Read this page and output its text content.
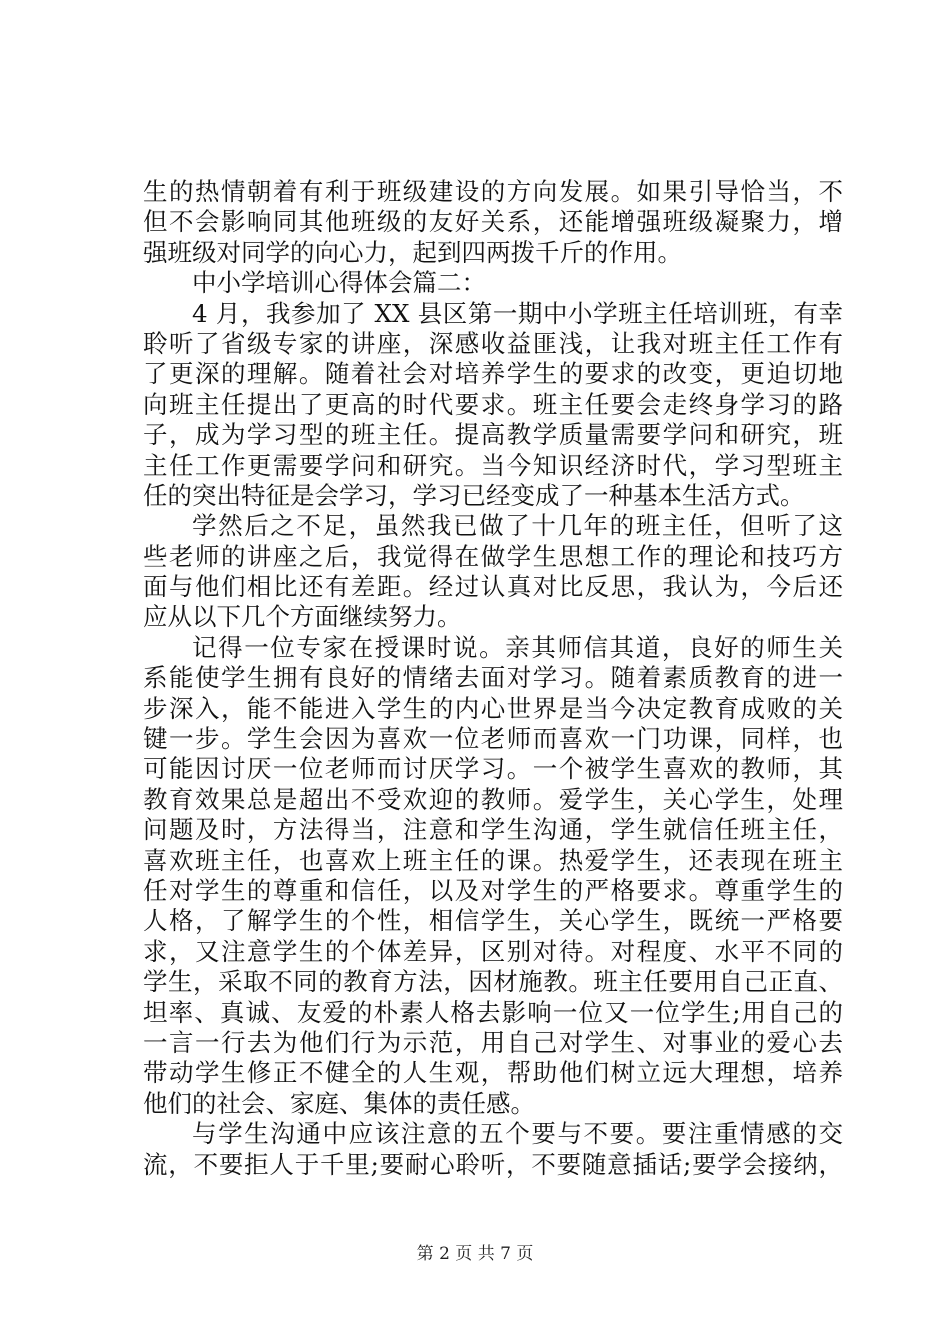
生的热情朝着有利于班级建设的方向发展。如果引导恰当，不
但不会影响同其他班级的友好关系，还能增强班级凝聚力，增
强班级对同学的向心力，起到四两拨千斤的作用。
中小学培训心得体会篇二：
4 月，我参加了 XX 县区第一期中小学班主任培训班，有幸
聆听了省级专家的讲座，深感收益匪浅，让我对班主任工作有
了更深的理解。随着社会对培养学生的要求的改变，更迫切地
向班主任提出了更高的时代要求。班主任要会走终身学习的路
子，成为学习型的班主任。提高教学质量需要学问和研究，班
主任工作更需要学问和研究。当今知识经济时代，学习型班主
任的突出特征是会学习，学习已经变成了一种基本生活方式。
学然后之不足，虽然我已做了十几年的班主任，但听了这
些老师的讲座之后，我觉得在做学生思想工作的理论和技巧方
面与他们相比还有差距。经过认真对比反思，我认为，今后还
应从以下几个方面继续努力。
记得一位专家在授课时说。亲其师信其道，良好的师生关
系能使学生拥有良好的情绪去面对学习。随着素质教育的进一
步深入，能不能进入学生的内心世界是当今决定教育成败的关
键一步。学生会因为喜欢一位老师而喜欢一门功课，同样，也
可能因讨厌一位老师而讨厌学习。一个被学生喜欢的教师，其
教育效果总是超出不受欢迎的教师。爱学生，关心学生，处理
问题及时，方法得当，注意和学生沟通，学生就信任班主任，
喜欢班主任，也喜欢上班主任的课。热爱学生，还表现在班主
任对学生的尊重和信任，以及对学生的严格要求。尊重学生的
人格，了解学生的个性，相信学生，关心学生，既统一严格要
求，又注意学生的个体差异，区别对待。对程度、水平不同的
学生，采取不同的教育方法，因材施教。班主任要用自己正直、
坦率、真诚、友爱的朴素人格去影响一位又一位学生;用自己的
一言一行去为他们行为示范，用自己对学生、对事业的爱心去
带动学生修正不健全的人生观，帮助他们树立远大理想，培养
他们的社会、家庭、集体的责任感。
与学生沟通中应该注意的五个要与不要。要注重情感的交
流，不要拒人于千里;要耐心聆听，不要随意插话;要学会接纳，
第 2 页 共 7 页
